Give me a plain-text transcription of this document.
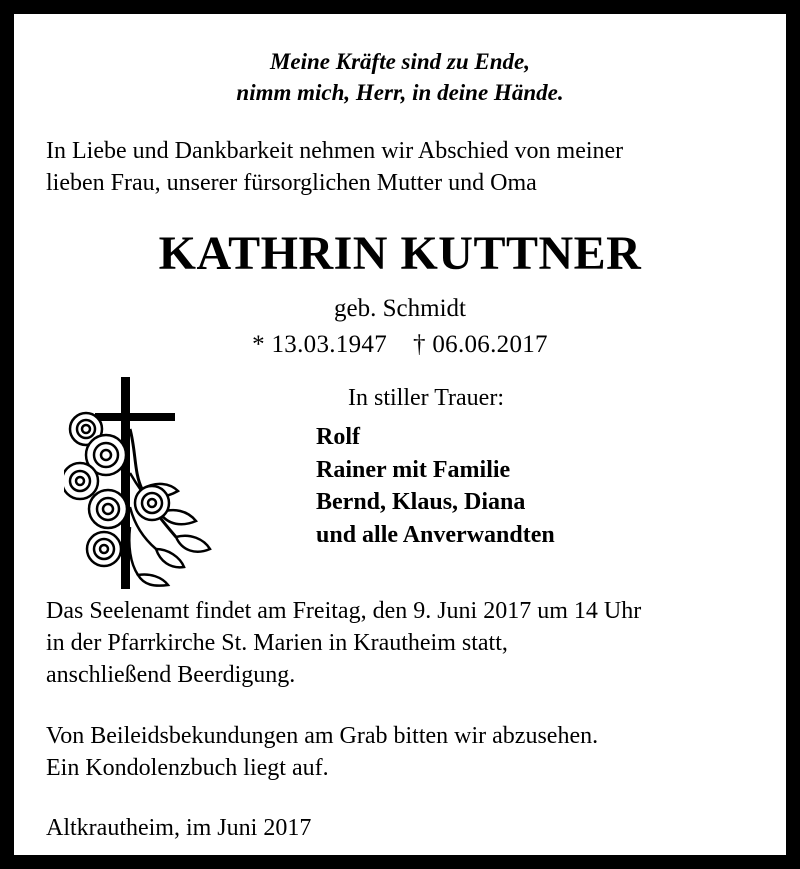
Meine Kräfte sind zu Ende,
nimm mich, Herr, in deine Hände.
In Liebe und Dankbarkeit nehmen wir Abschied von meiner
lieben Frau, unserer fürsorglichen Mutter und Oma
KATHRIN KUTTNER
geb. Schmidt
* 13.03.1947 † 06.06.2017
In stiller Trauer:
Rolf
Rainer mit Familie
Bernd, Klaus, Diana
und alle Anverwandten
Das Seelenamt findet am Freitag, den 9. Juni 2017 um 14 Uhr
in der Pfarrkirche St. Marien in Krautheim statt,
anschließend Beerdigung.
Von Beileidsbekundungen am Grab bitten wir abzusehen.
Ein Kondolenzbuch liegt auf.
Altkrautheim, im Juni 2017
